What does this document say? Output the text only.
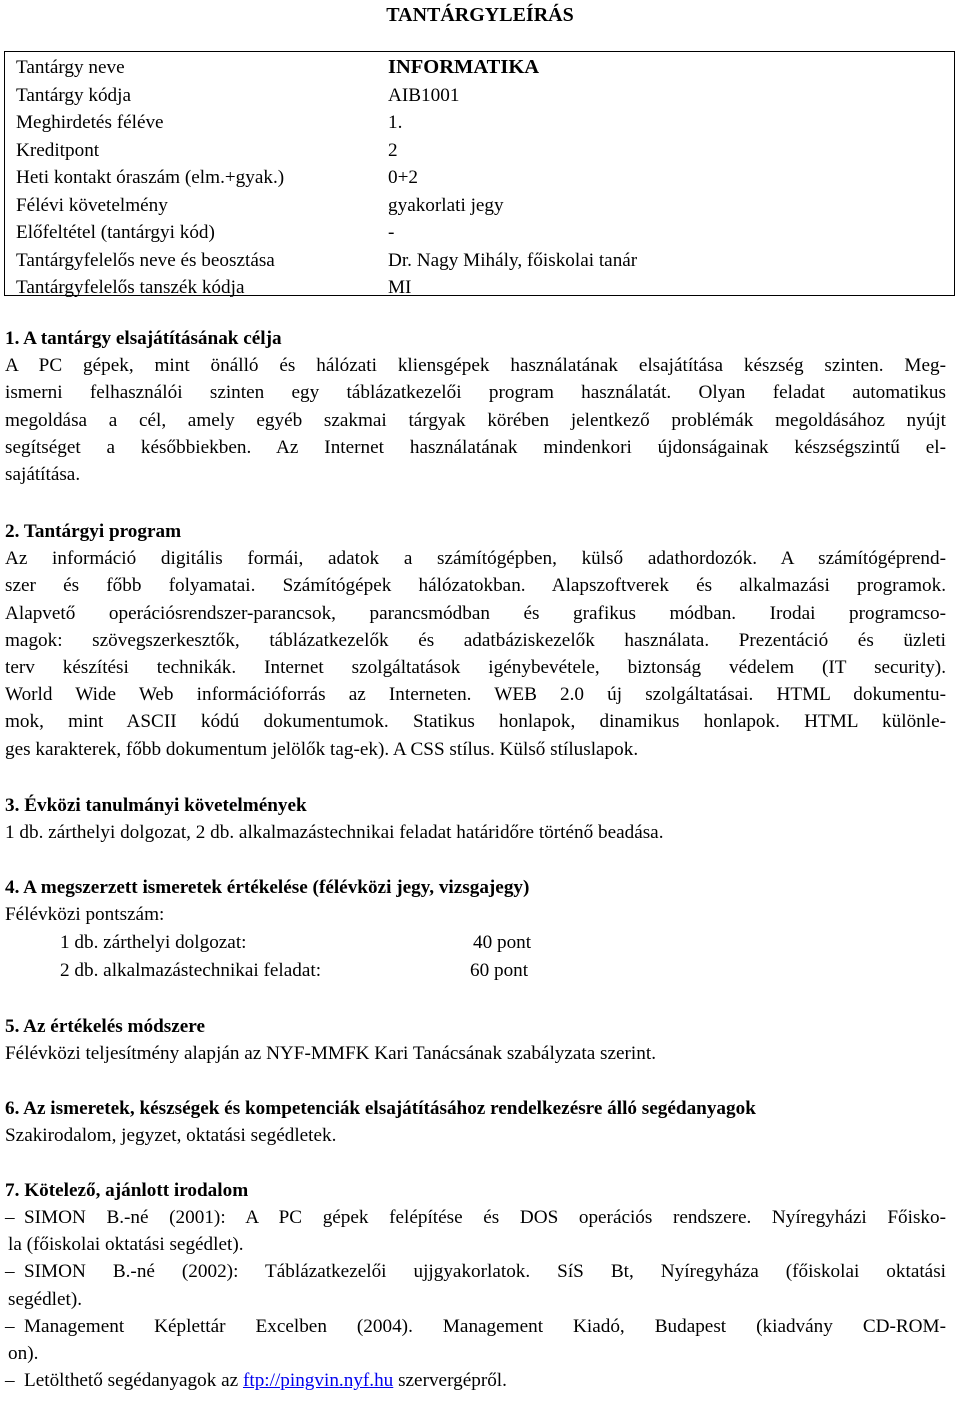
TANTÁRGYLEÍRÁS
Tantárgy neve	INFORMATIKA
Tantárgy kódja	AIB1001
Meghirdetés féléve	1.
Kreditpont	2
Heti kontakt óraszám (elm.+gyak.)	0+2
Félévi követelmény	gyakorlati jegy
Előfeltétel (tantárgyi kód)	-
Tantárgyfelelős neve és beosztása	Dr. Nagy Mihály, főiskolai tanár
Tantárgyfelelős tanszék kódja	MI
1. A tantárgy elsajátításának célja
A PC gépek, mint önálló és hálózati kliensgépek használatának elsajátítása készség szinten. Meg-
ismerni felhasználói szinten egy táblázatkezelői program használatát. Olyan feladat automatikus
megoldása a cél, amely egyéb szakmai tárgyak körében jelentkező problémák megoldásához nyújt
segítséget a későbbiekben. Az Internet használatának mindenkori újdonságainak készségszintű el-
sajátítása.
2. Tantárgyi program
Az információ digitális formái, adatok a számítógépben, külső adathordozók. A számítógéprend-
szer és főbb folyamatai. Számítógépek hálózatokban. Alapszoftverek és alkalmazási programok.
Alapvető operációsrendszer-parancsok, parancsmódban és grafikus módban. Irodai programcso-
magok: szövegszerkesztők, táblázatkezelők és adatbáziskezelők használata. Prezentáció és üzleti
terv készítési technikák. Internet szolgáltatások igénybevétele, biztonság védelem (IT security).
World Wide Web információforrás az Interneten. WEB 2.0 új szolgáltatásai. HTML dokumentu-
mok, mint ASCII kódú dokumentumok. Statikus honlapok, dinamikus honlapok. HTML különle-
ges karakterek, főbb dokumentum jelölők tag-ek). A CSS stílus. Külső stíluslapok.
3. Évközi tanulmányi követelmények
1 db. zárthelyi dolgozat, 2 db. alkalmazástechnikai feladat határidőre történő beadása.
4. A megszerzett ismeretek értékelése (félévközi jegy, vizsgajegy)
Félévközi pontszám:
1 db. zárthelyi dolgozat:	40 pont
2 db. alkalmazástechnikai feladat:	60 pont
5. Az értékelés módszere
Félévközi teljesítmény alapján az NYF-MMFK Kari Tanácsának szabályzata szerint.
6. Az ismeretek, készségek és kompetenciák elsajátításához rendelkezésre álló segédanyagok
Szakirodalom, jegyzet, oktatási segédletek.
7. Kötelező, ajánlott irodalom
– SIMON B.-né (2001): A PC gépek felépítése és DOS operációs rendszere. Nyíregyházi Főisko-
la (főiskolai oktatási segédlet).
– SIMON B.-né (2002): Táblázatkezelői ujjgyakorlatok. SíS Bt, Nyíregyháza (főiskolai oktatási
segédlet).
– Management Képlettár Excelben (2004). Management Kiadó, Budapest (kiadvány CD-ROM-
on).
– Letölthető segédanyagok az ftp://pingvin.nyf.hu szervergépről.
